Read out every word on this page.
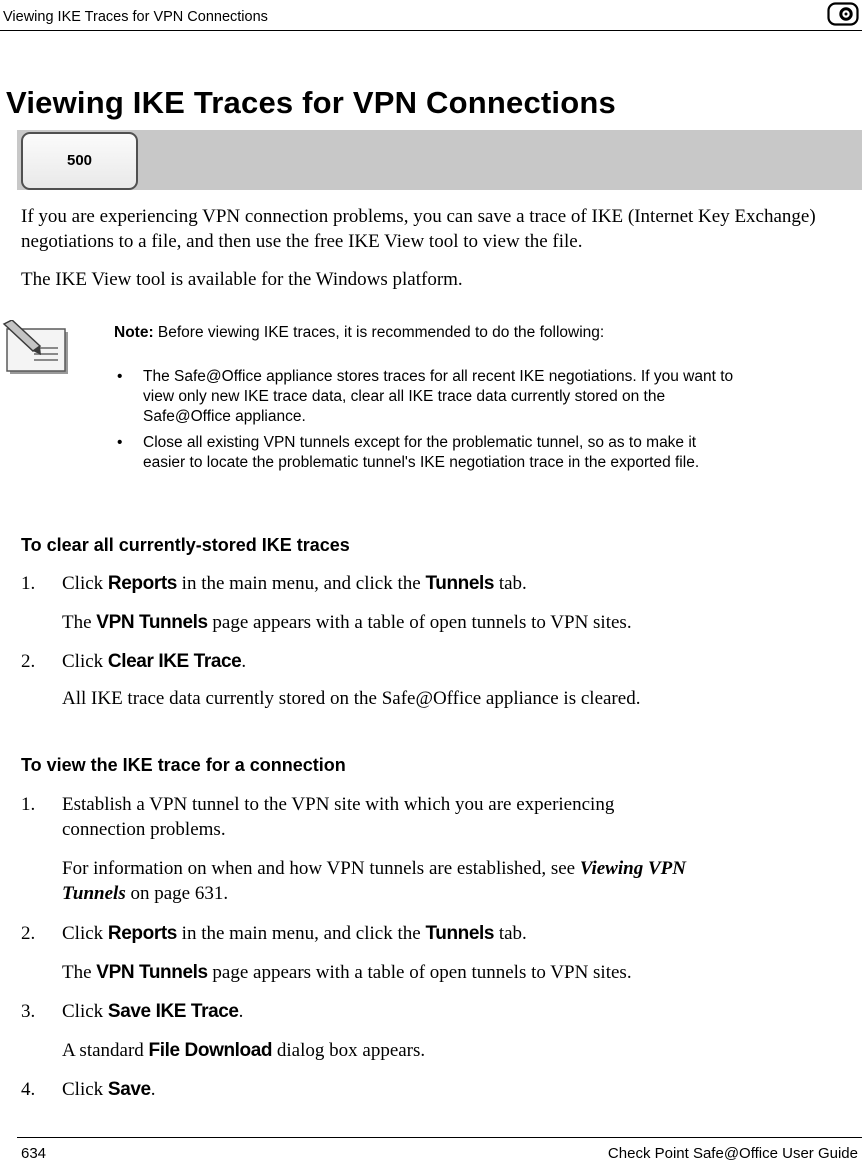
Viewing IKE Traces for VPN Connections
Viewing IKE Traces for VPN Connections
500

If you are experiencing VPN connection problems, you can save a trace of IKE (Internet Key Exchange) negotiations to a file, and then use the free IKE View tool to view the file.

The IKE View tool is available for the Windows platform.

Note: Before viewing IKE traces, it is recommended to do the following:
• The Safe@Office appliance stores traces for all recent IKE negotiations. If you want to view only new IKE trace data, clear all IKE trace data currently stored on the Safe@Office appliance.
• Close all existing VPN tunnels except for the problematic tunnel, so as to make it easier to locate the problematic tunnel's IKE negotiation trace in the exported file.
To clear all currently-stored IKE traces
1. Click Reports in the main menu, and click the Tunnels tab.
The VPN Tunnels page appears with a table of open tunnels to VPN sites.
2. Click Clear IKE Trace.
All IKE trace data currently stored on the Safe@Office appliance is cleared.
To view the IKE trace for a connection
1. Establish a VPN tunnel to the VPN site with which you are experiencing
connection problems.
For information on when and how VPN tunnels are established, see Viewing VPN
Tunnels on page 631.
2. Click Reports in the main menu, and click the Tunnels tab.
The VPN Tunnels page appears with a table of open tunnels to VPN sites.
3. Click Save IKE Trace.
A standard File Download dialog box appears.
4. Click Save.
634	Check Point Safe@Office User Guide
